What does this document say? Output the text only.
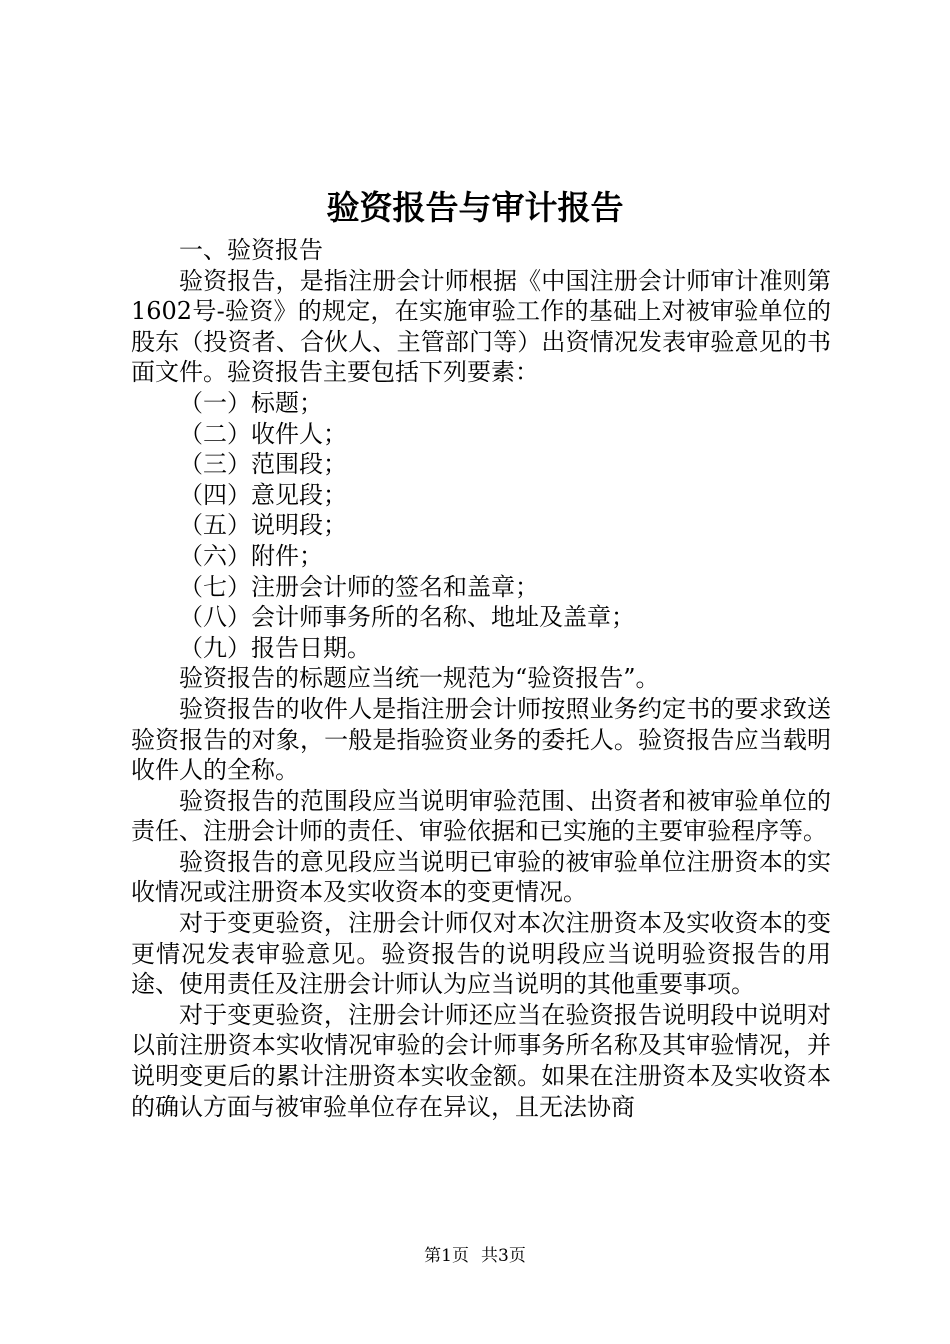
验资报告与审计报告

一、验资报告

验资报告，是指注册会计师根据《中国注册会计师审计准则第1602号-验资》的规定，在实施审验工作的基础上对被审验单位的股东（投资者、合伙人、主管部门等）出资情况发表审验意见的书面文件。验资报告主要包括下列要素：

（一）标题；

（二）收件人；

（三）范围段；

（四）意见段；

（五）说明段；

（六）附件；

（七）注册会计师的签名和盖章；

（八）会计师事务所的名称、地址及盖章；

（九）报告日期。

验资报告的标题应当统一规范为“验资报告”。

验资报告的收件人是指注册会计师按照业务约定书的要求致送验资报告的对象，一般是指验资业务的委托人。验资报告应当载明收件人的全称。

验资报告的范围段应当说明审验范围、出资者和被审验单位的责任、注册会计师的责任、审验依据和已实施的主要审验程序等。

验资报告的意见段应当说明已审验的被审验单位注册资本的实收情况或注册资本及实收资本的变更情况。

对于变更验资，注册会计师仅对本次注册资本及实收资本的变更情况发表审验意见。验资报告的说明段应当说明验资报告的用途、使用责任及注册会计师认为应当说明的其他重要事项。

对于变更验资，注册会计师还应当在验资报告说明段中说明对以前注册资本实收情况审验的会计师事务所名称及其审验情况，并说明变更后的累计注册资本实收金额。如果在注册资本及实收资本的确认方面与被审验单位存在异议，且无法协商

第1页 共3页
